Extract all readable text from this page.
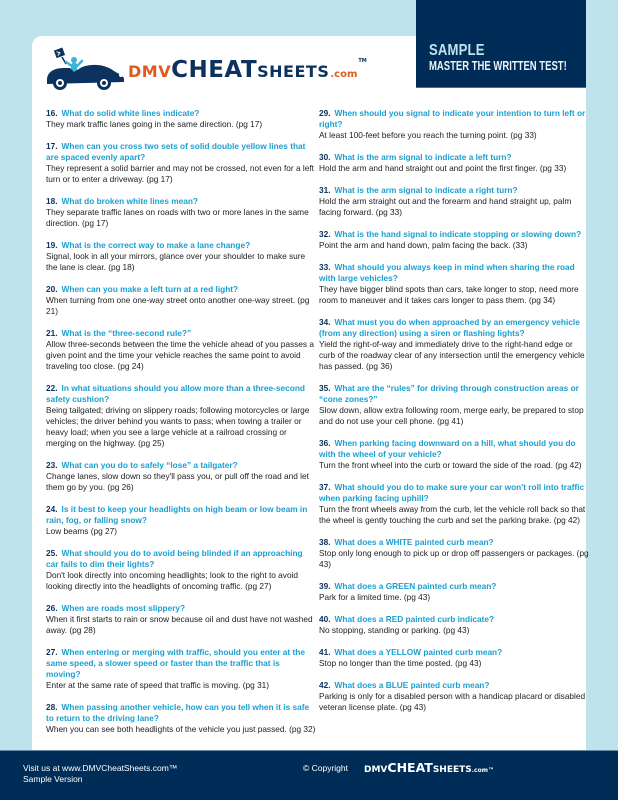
SAMPLE
MASTER THE WRITTEN TEST!
DMV CHEAT SHEETS .com
TM
16. What do solid white lines indicate?
They mark traffic lanes going in the same direction. (pg 17)
17. When can you cross two sets of solid double yellow lines that are spaced evenly apart?
They represent a solid barrier and may not be crossed, not even for a left turn or to enter a driveway. (pg 17)
18. What do broken white lines mean?
They separate traffic lanes on roads with two or more lanes in the same direction. (pg 17)
19. What is the correct way to make a lane change?
Signal, look in all your mirrors, glance over your shoulder to make sure the lane is clear. (pg 18)
20. When can you make a left turn at a red light?
When turning from one one-way street onto another one-way street. (pg 21)
21. What is the “three-second rule?”
Allow three-seconds between the time the vehicle ahead of you passes a given point and the time your vehicle reaches the same point to avoid traveling too close. (pg 24)
22. In what situations should you allow more than a three-second safety cushion?
Being tailgated; driving on slippery roads; following motorcycles or large vehicles; the driver behind you wants to pass; when towing a trailer or heavy load; when you see a large vehicle at a railroad crossing or merging on the highway. (pg 25)
23. What can you do to safely “lose” a tailgater?
Change lanes, slow down so they'll pass you, or pull off the road and let them go by you. (pg 26)
24. Is it best to keep your headlights on high beam or low beam in rain, fog, or falling snow?
Low beams (pg 27)
25. What should you do to avoid being blinded if an approaching car fails to dim their lights?
Don't look directly into oncoming headlights; look to the right to avoid looking directly into the headlights of oncoming traffic. (pg 27)
26. When are roads most slippery?
When it first starts to rain or snow because oil and dust have not washed away. (pg 28)
27. When entering or merging with traffic, should you enter at the same speed, a slower speed or faster than the traffic that is moving?
Enter at the same rate of speed that traffic is moving. (pg 31)
28. When passing another vehicle, how can you tell when it is safe to return to the driving lane?
When you can see both headlights of the vehicle you just passed. (pg 32)
29. When should you signal to indicate your intention to turn left or right?
At least 100-feet before you reach the turning point. (pg 33)
30. What is the arm signal to indicate a left turn?
Hold the arm and hand straight out and point the first finger. (pg 33)
31. What is the arm signal to indicate a right turn?
Hold the arm straight out and the forearm and hand straight up, palm facing forward. (pg 33)
32. What is the hand signal to indicate stopping or slowing down?
Point the arm and hand down, palm facing the back. (33)
33. What should you always keep in mind when sharing the road with large vehicles?
They have bigger blind spots than cars, take longer to stop, need more room to maneuver and it takes cars longer to pass them. (pg 34)
34. What must you do when approached by an emergency vehicle (from any direction) using a siren or flashing lights?
Yield the right-of-way and immediately drive to the right-hand edge or curb of the roadway clear of any intersection until the emergency vehicle has passed. (pg 36)
35. What are the “rules” for driving through construction areas or “cone zones?”
Slow down, allow extra following room, merge early, be prepared to stop and do not use your cell phone. (pg 41)
36. When parking facing downward on a hill, what should you do with the wheel of your vehicle?
Turn the front wheel into the curb or toward the side of the road. (pg 42)
37. What should you do to make sure your car won't roll into traffic when parking facing uphill?
Turn the front wheels away from the curb, let the vehicle roll back so that the wheel is gently touching the curb and set the parking brake. (pg 42)
38. What does a WHITE painted curb mean?
Stop only long enough to pick up or drop off passengers or packages. (pg 43)
39. What does a GREEN painted curb mean?
Park for a limited time. (pg 43)
40. What does a RED painted curb indicate?
No stopping, standing or parking. (pg 43)
41. What does a YELLOW painted curb mean?
Stop no longer than the time posted. (pg 43)
42. What does a BLUE painted curb mean?
Parking is only for a disabled person with a handicap placard or disabled veteran license plate. (pg 43)
Visit us at www.DMVCheatSheets.com™
Sample Version
© Copyright DMV CHEAT SHEETS .com ™
